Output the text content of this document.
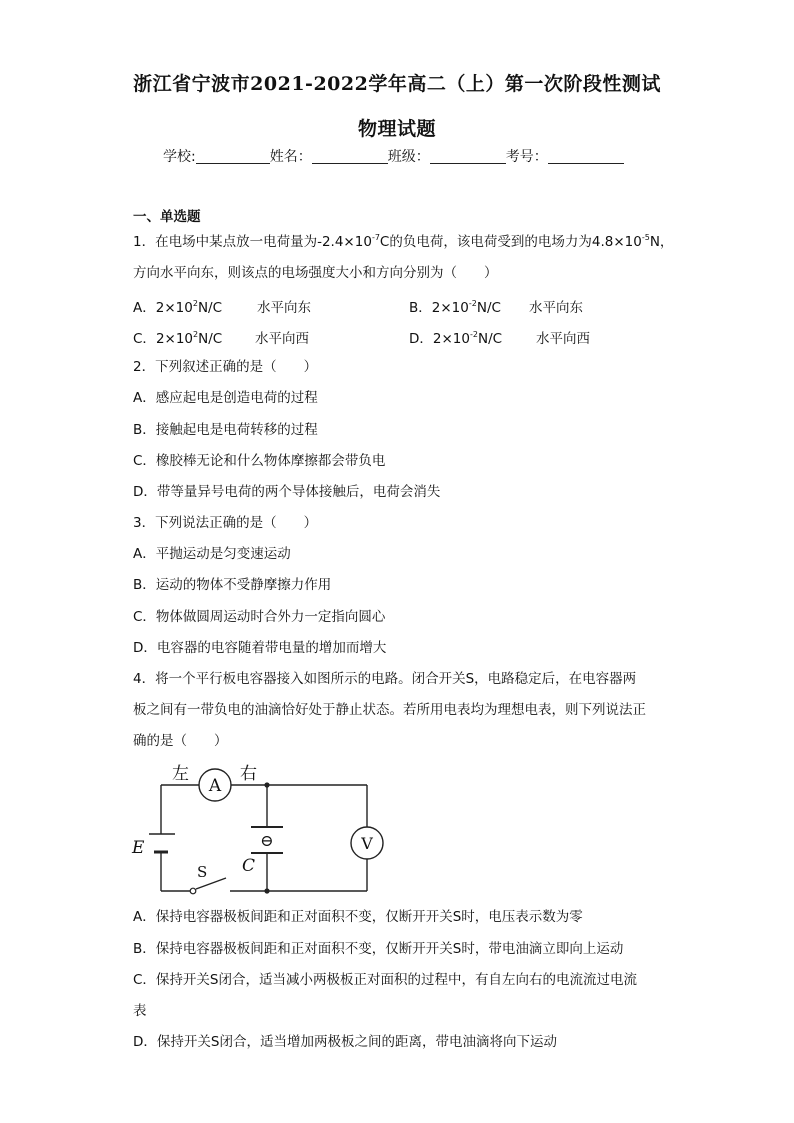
浙江省宁波市2021-2022学年高二（上）第一次阶段性测试
物理试题
学校:	姓名：	班级：	考号：
一、单选题
1．在电场中某点放一电荷量为$-2.4\times 10^{-7}C$的负电荷，该电荷受到的电场力为$4.8\times 10^{-5}N$，
方向水平向东，则该点的电场强度大小和方向分别为（　　）
A．$2\times 10^2N/C$	水平向东	B．$2\times 10^{-2}N/C$ 水平向东
C．$2\times 10^2N/C$ 水平向西	D．$2\times 10^{-2}N/C$	水平向西
2．下列叙述正确的是（　　）
A．感应起电是创造电荷的过程
B．接触起电是电荷转移的过程
C．橡胶棒无论和什么物体摩擦都会带负电
D．带等量异号电荷的两个导体接触后，电荷会消失
3．下列说法正确的是（　　）
A．平抛运动是匀变速运动
B．运动的物体不受静摩擦力作用
C．物体做圆周运动时合外力一定指向圆心
D．电容器的电容随着带电量的增加而增大
4．将一个平行板电容器接入如图所示的电路。闭合开关S，电路稳定后，在电容器两
板之间有一带负电的油滴恰好处于静止状态。若所用电表均为理想电表，则下列说法正
确的是（　　）
A
V
左	右
E
C
S
⊖
A．保持电容器极板间距和正对面积不变，仅断开开关S时，电压表示数为零
B．保持电容器极板间距和正对面积不变，仅断开开关S时，带电油滴立即向上运动
C．保持开关S闭合，适当减小两极板正对面积的过程中，有自左向右的电流流过电流
表
D．保持开关S闭合，适当增加两极板之间的距离，带电油滴将向下运动
